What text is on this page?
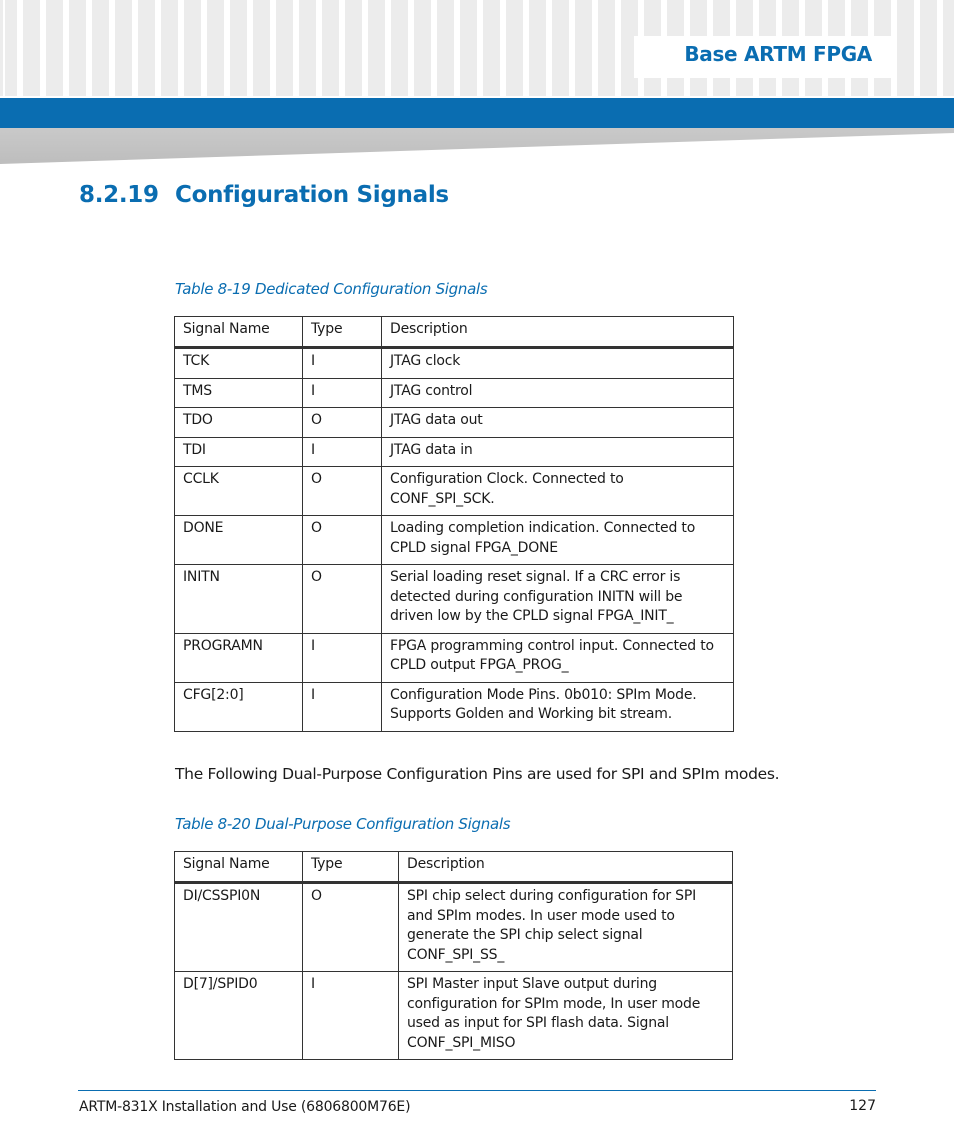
Base ARTM FPGA
8.2.19 Configuration Signals
Table 8-19 Dedicated Configuration Signals
Signal Name	Type	Description
TCK	I	JTAG clock
TMS	I	JTAG control
TDO	O	JTAG data out
TDI	I	JTAG data in
CCLK	O	Configuration Clock. Connected to CONF_SPI_SCK.
DONE	O	Loading completion indication. Connected to CPLD signal FPGA_DONE
INITN	O	Serial loading reset signal. If a CRC error is detected during configuration INITN will be driven low by the CPLD signal FPGA_INIT_
PROGRAMN	I	FPGA programming control input. Connected to CPLD output FPGA_PROG_
CFG[2:0]	I	Configuration Mode Pins. 0b010: SPIm Mode. Supports Golden and Working bit stream.
The Following Dual-Purpose Configuration Pins are used for SPI and SPIm modes.
Table 8-20 Dual-Purpose Configuration Signals
Signal Name	Type	Description
DI/CSSPI0N	O	SPI chip select during configuration for SPI and SPIm modes. In user mode used to generate the SPI chip select signal CONF_SPI_SS_
D[7]/SPID0	I	SPI Master input Slave output during configuration for SPIm mode, In user mode used as input for SPI flash data. Signal CONF_SPI_MISO
ARTM-831X Installation and Use (6806800M76E)	127
